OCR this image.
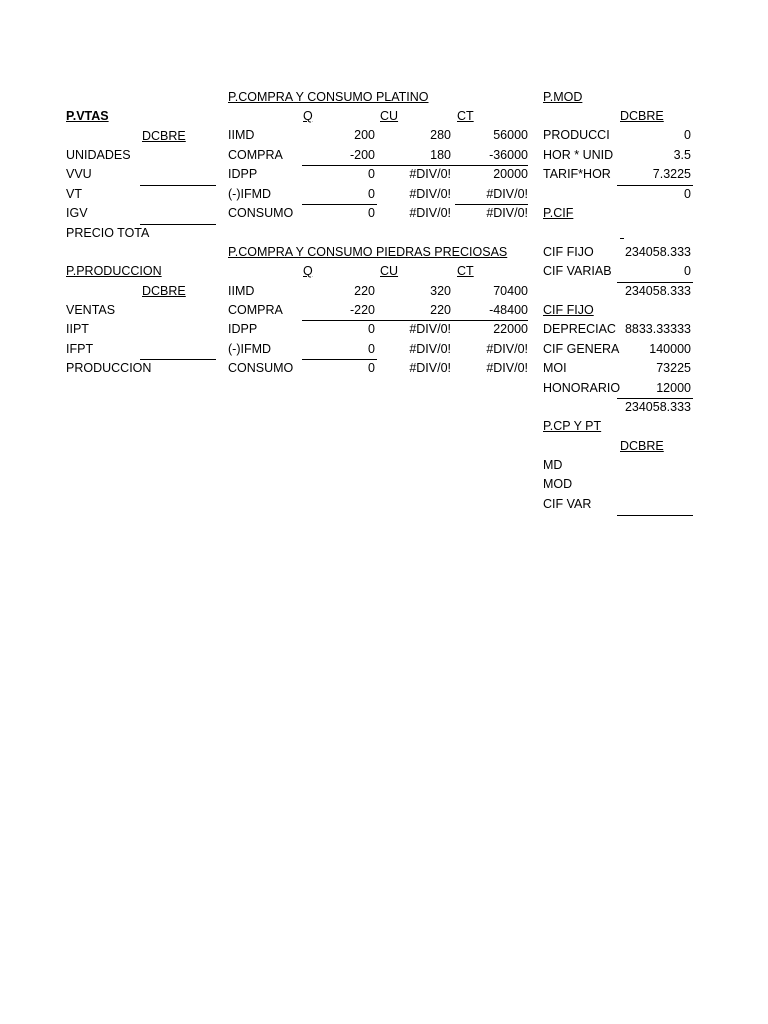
P.VTAS
DCBRE
UNIDADES
VVU
VT
IGV
PRECIO TOTA
P.PRODUCCION
DCBRE
VENTAS
IIPT
IFPT
PRODUCCION
P.COMPRA Y CONSUMO PLATINO
Q	CU	CT
IIMD	200	280	56000
COMPRA	-200	180	-36000
IDPP	0	#DIV/0!	20000
(-)IFMD	0	#DIV/0!	#DIV/0!
CONSUMO	0	#DIV/0!	#DIV/0!
P.COMPRA Y CONSUMO PIEDRAS PRECIOSAS
Q	CU	CT
IIMD	220	320	70400
COMPRA	-220	220	-48400
IDPP	0	#DIV/0!	22000
(-)IFMD	0	#DIV/0!	#DIV/0!
CONSUMO	0	#DIV/0!	#DIV/0!
P.MOD
DCBRE
PRODUCCI	0
HOR * UNID	3.5
TARIF*HOR	7.3225
0
P.CIF
CIF FIJO	234058.333
CIF VARIAB	0
234058.333
CIF FIJO
DEPRECIAC 8833.33333
CIF GENERA	140000
MOI	73225
HONORARIO	12000
234058.333
P.CP Y PT
DCBRE
MD
MOD
CIF VAR
